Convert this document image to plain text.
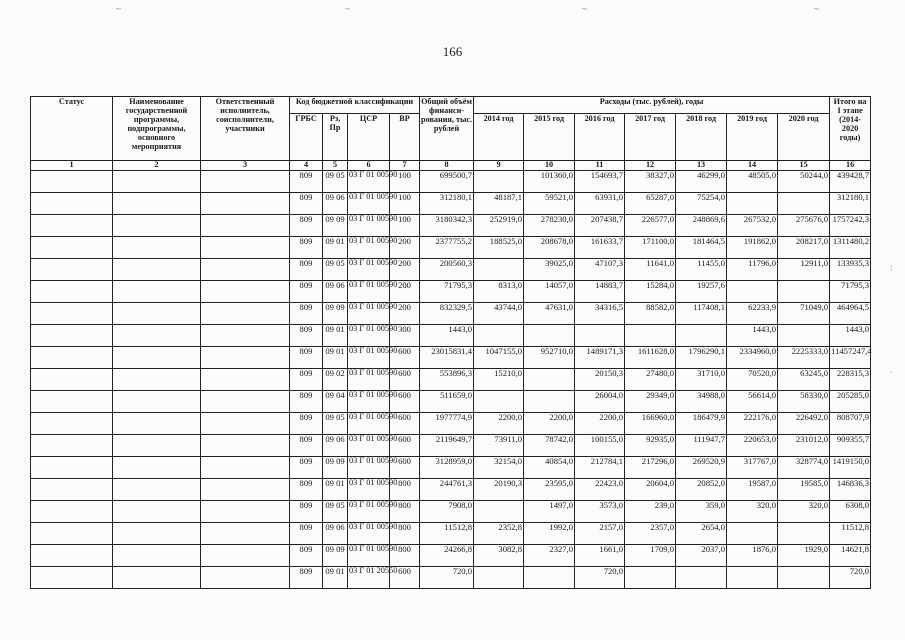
~	~	~	~
166
Статус	Наименование государственной программы, подпрограммы, основного мероприятия	Ответственный исполнитель, соисполнители, участники	Код бюджетной классификации				Общий объём финанси- рования, тыс. рублей	Расходы (тыс. рублей), годы							Итого на I этапе (2014- 2020 годы)
			ГРБС	Рз, Пр	ЦСР	ВР		2014 год	2015 год	2016 год	2017 год	2018 год	2019 год	2020 год	
1	2	3	4	5	6	7	8	9	10	11	12	13	14	15	16
			809	09 05	03 Г 01 00590	100	699500,7		101360,0	154693,7	38327,0	46299,0	48505,0	50244,0	439428,7
			809	09 06	03 Г 01 00590	100	312180,1	48187,1	59521,0	63931,0	65287,0	75254,0			312180,1
			809	09 09	03 Г 01 00590	100	3180342,3	252919,0	278230,0	207438,7	226577,0	248869,6	267532,0	275676,0	1757242,3
			809	09 01	03 Г 01 00590	200	2377755,2	188525,0	208678,0	161633,7	171100,0	181464,5	191862,0	208217,0	1311480,2
			809	09 05	03 Г 01 00590	200	200560,3		39025,0	47107,3	11641,0	11455,0	11796,0	12911,0	133935,3
			809	09 06	03 Г 01 00590	200	71795,3	8313,0	14057,0	14883,7	15284,0	19257,6			71795,3
			809	09 09	03 Г 01 00590	200	832329,5	43744,0	47631,0	34316,5	88582,0	117408,1	62233,9	71049,0	464964,5
			809	09 01	03 Г 01 00590	300	1443,0						1443,0		1443,0
			809	09 01	03 Г 01 00590	600	23015831,4	1047155,0	952710,0	1489171,3	1611628,0	1796290,1	2334960,0	2225333,0	11457247,4
			809	09 02	03 Г 01 00590	600	553896,3	15210,0		20150,3	27480,0	31710,0	70520,0	63245,0	228315,3
			809	09 04	03 Г 01 00590	600	511659,0			26004,0	29349,0	34988,0	56614,0	58330,0	205285,0
			809	09 05	03 Г 01 00590	600	1977774,9	2200,0	2200,0	2200,0	166960,0	186479,9	222176,0	226492,0	808707,9
			809	09 06	03 Г 01 00590	600	2119649,7	73911,0	78742,0	100155,0	92935,0	111947,7	220653,0	231012,0	909355,7
			809	09 09	03 Г 01 00590	600	3128959,0	32154,0	40854,0	212784,1	217296,0	269520,9	317767,0	328774,0	1419150,0
			809	09 01	03 Г 01 00590	800	244761,3	20190,3	23595,0	22423,0	20604,0	20852,0	19587,0	19585,0	146836,3
			809	09 05	03 Г 01 00590	800	7908,0		1497,0	3573,0	239,0	359,0	320,0	320,0	6308,0
			809	09 06	03 Г 01 00590	800	11512,8	2352,8	1992,0	2157,0	2357,0	2654,0			11512,8
			809	09 09	03 Г 01 00590	800	24266,8	3082,8	2327,0	1661,0	1709,0	2037,0	1876,0	1929,0	14621,8
			809	09 01	03 Г 01 20550	600	720,0			720,0					720,0
:
'
